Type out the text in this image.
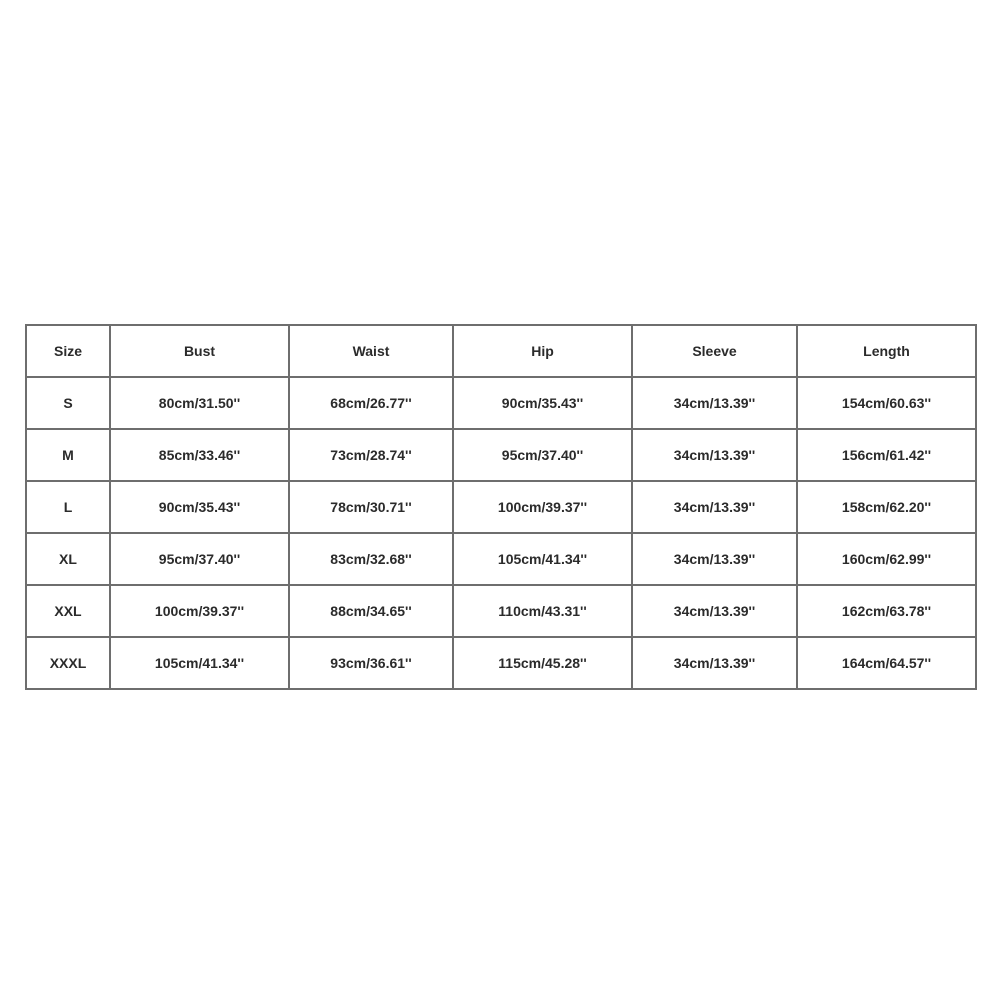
Size	Bust	Waist	Hip	Sleeve	Length
S	80cm/31.50''	68cm/26.77''	90cm/35.43''	34cm/13.39''	154cm/60.63''
M	85cm/33.46''	73cm/28.74''	95cm/37.40''	34cm/13.39''	156cm/61.42''
L	90cm/35.43''	78cm/30.71''	100cm/39.37''	34cm/13.39''	158cm/62.20''
XL	95cm/37.40''	83cm/32.68''	105cm/41.34''	34cm/13.39''	160cm/62.99''
XXL	100cm/39.37''	88cm/34.65''	110cm/43.31''	34cm/13.39''	162cm/63.78''
XXXL	105cm/41.34''	93cm/36.61''	115cm/45.28''	34cm/13.39''	164cm/64.57''
